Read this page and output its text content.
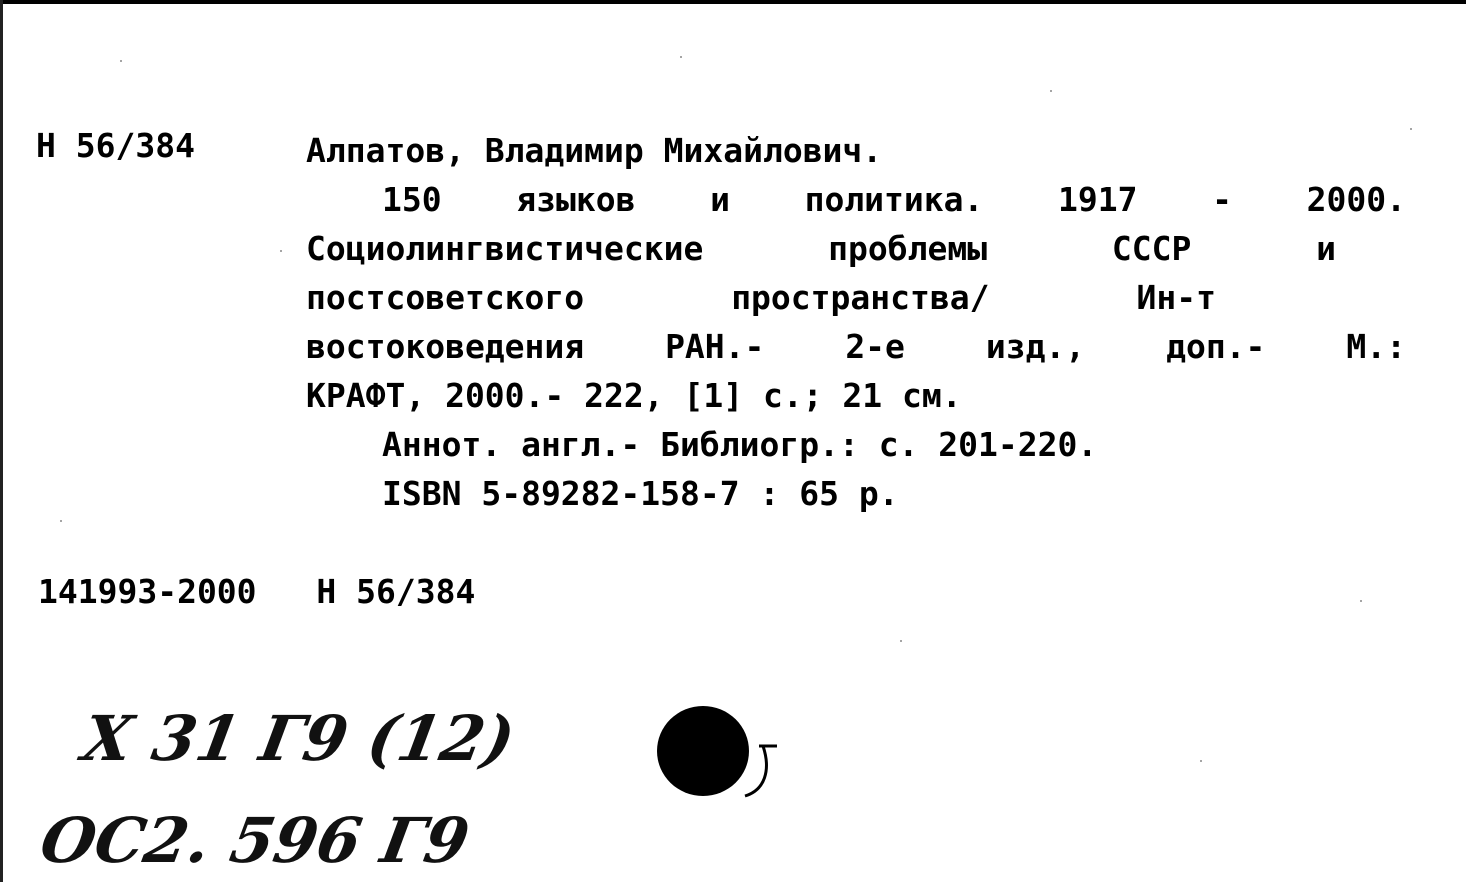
Н 56/384	Алпатов, Владимир Михайлович.
150 языков и политика. 1917 - 2000.
Социолингвистические	проблемы	СССР	и
постсоветского	пространства/	Ин-т
востоковедения РАН.- 2-е изд., доп.- М.:
КРАФТ, 2000.- 222, [1] с.; 21 см.
Аннот. англ.- Библиогр.: с. 201-220.
ISBN 5-89282-158-7 : 65 р.
141993-2000 Н 56/384
Х 31 Г9 (12)
ОС2. 596 Г9
